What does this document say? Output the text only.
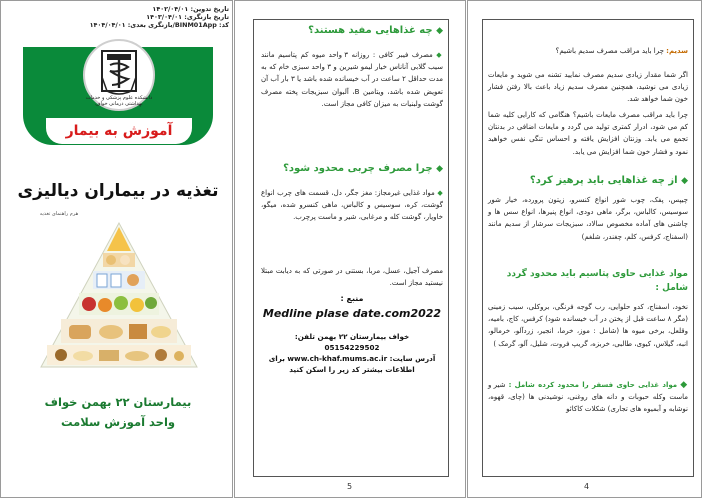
تاریخ تدوین: ۱۴۰۲/۰۴/۰۱
تاریخ بازنگری: ۱۴۰۳/۰۴/۰۱
کد: BINM01App/بازنگری بعدی: ۱۴۰۴/۰۴/۰۱
دانشکده علوم پزشکی و خدمات بهداشتی درمانی خواف
آموزش به بیمار
تغذیه در بیماران دیالیزی
هرم راهنمای تغذیه
بیمارستان ۲۲ بهمن خواف
واحد آموزش سلامت
◆ چه غذاهایی مفید هستند؟
◆ مصرف فیبر کافی : روزانه ۳ واحد میوه کم پتاسیم مانند سیب گلابی آناناس خیار لیمو شیرین و ۳ واحد سبزی خام که به مدت حداقل ۲ ساعت در آب خیسانده شده باشد یا ۳ بار آب آن تعویض شده باشد، ویتامین B، آلبوان سبزیجات پخته مصرف گوشت ولبنیات به میزان کافی مجاز است.
◆ چرا مصرف چربی محدود شود؟
◆ مواد غذایی غیرمجاز: مغز جگر، دل، قسمت های چرب انواع گوشت، کره، سوسیس و کالباس، ماهی کنسرو شده، میگو، خاویار، گوشت کله و مرغابی، شیر و ماست پرچرب.
مصرف آجیل، عسل، مربا، بستنی در صورتی که به دیابت مبتلا نیستید مجاز است.
منبع :
Medline plase date.com2022
خواف بیمارستان ۲۲ بهمن تلفن:
05154229502
آدرس سایت: www.ch-khaf.mums.ac.ir برای
اطلاعات بیشتر کد زیر را اسکن کنید
5
سدیم: چرا باید مراقب مصرف سدیم باشیم؟
اگر شما مقدار زیادی سدیم مصرف نمایید تشنه می شوید و مایعات زیادی می نوشید، همچنین مصرف سدیم زیاد باعث بالا رفتن فشار خون شما خواهد شد.
چرا باید مراقب مصرف مایعات باشیم؟ هنگامی که کارایی کلیه شما کم می شود، ادرار کمتری تولید می گردد و مایعات اضافی در بدنتان تجمع می یابد. وزنتان افزایش یافته و احساس تنگی نفس خواهید نمود و فشار خون شما افزایش می یابد.
◆ از چه غذاهایی باید پرهیز کرد؟
چیپس، پفک، چوب شور انواع کنسرو، زیتون پرورده، خیار شور سوسیس، کالباس، برگر، ماهی دودی، انواع پنیرها، انواع سس ها و چاشنی های آماده مخصوص سالاد، سبزیجات سرشار از سدیم مانند (اسفناج، کرفس، کلم، چغندر، شلغم)
مواد غذایی حاوی پتاسیم باید محدود گردد شامل :
نخود، اسفناج، کدو حلوایی، رب گوجه فرنگی، بروکلی، سیب زمینی (مگر ۸ ساعت قبل از پختن در آب خیسانده شود) کرفس، کاج، بامیه، وقلعل، برخی میوه ها (شامل : موز، خرما، انجیر، زردآلو، خرمالو، انبه، گیلاس، کیوی، طالبی، خربزه، گریپ فروت، شلیل، آلو، گرمک )
◆ مواد غذایی حاوی فسفر را محدود کرده شامل : شیر و ماست وکله حبوبات و دانه های روغنی، نوشیدنی ها (چای، قهوه، نوشابه و آبمیوه های تجاری) شکلات کاکائو
4
